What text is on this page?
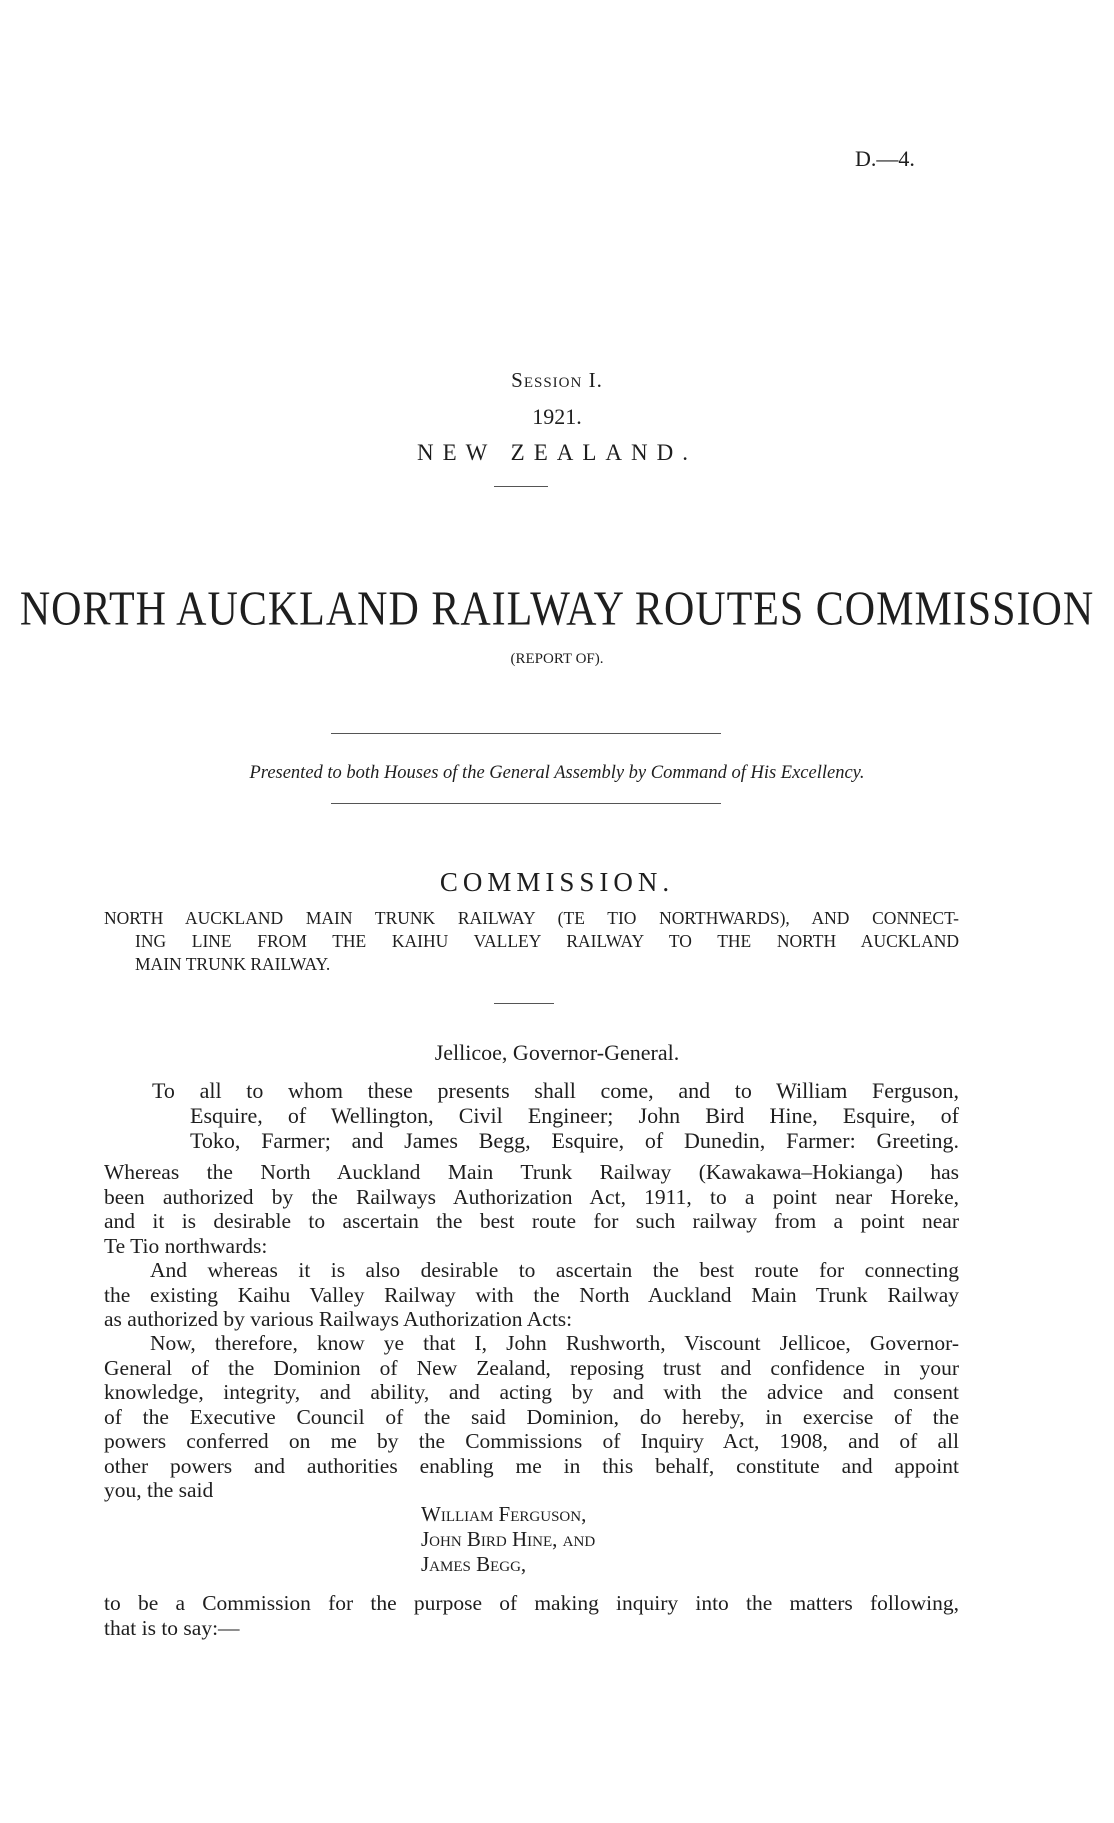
D.—4.
Session I.
1921.
NEW ZEALAND.
NORTH AUCKLAND RAILWAY ROUTES COMMISSION
(REPORT OF).
Presented to both Houses of the General Assembly by Command of His Excellency.
COMMISSION.
NORTH AUCKLAND MAIN TRUNK RAILWAY (TE TIO NORTHWARDS), AND CONNECT-
ING LINE FROM THE KAIHU VALLEY RAILWAY TO THE NORTH AUCKLAND
MAIN TRUNK RAILWAY.
Jellicoe, Governor-General.
To all to whom these presents shall come, and to William Ferguson,
Esquire, of Wellington, Civil Engineer; John Bird Hine, Esquire, of
Toko, Farmer; and James Begg, Esquire, of Dunedin, Farmer: Greeting.
Whereas the North Auckland Main Trunk Railway (Kawakawa–Hokianga) has
been authorized by the Railways Authorization Act, 1911, to a point near Horeke,
and it is desirable to ascertain the best route for such railway from a point near
Te Tio northwards:
And whereas it is also desirable to ascertain the best route for connecting
the existing Kaihu Valley Railway with the North Auckland Main Trunk Railway
as authorized by various Railways Authorization Acts:
Now, therefore, know ye that I, John Rushworth, Viscount Jellicoe, Governor-
General of the Dominion of New Zealand, reposing trust and confidence in your
knowledge, integrity, and ability, and acting by and with the advice and consent
of the Executive Council of the said Dominion, do hereby, in exercise of the
powers conferred on me by the Commissions of Inquiry Act, 1908, and of all
other powers and authorities enabling me in this behalf, constitute and appoint
you, the said
William Ferguson,
John Bird Hine, and
James Begg,
to be a Commission for the purpose of making inquiry into the matters following,
that is to say:—
